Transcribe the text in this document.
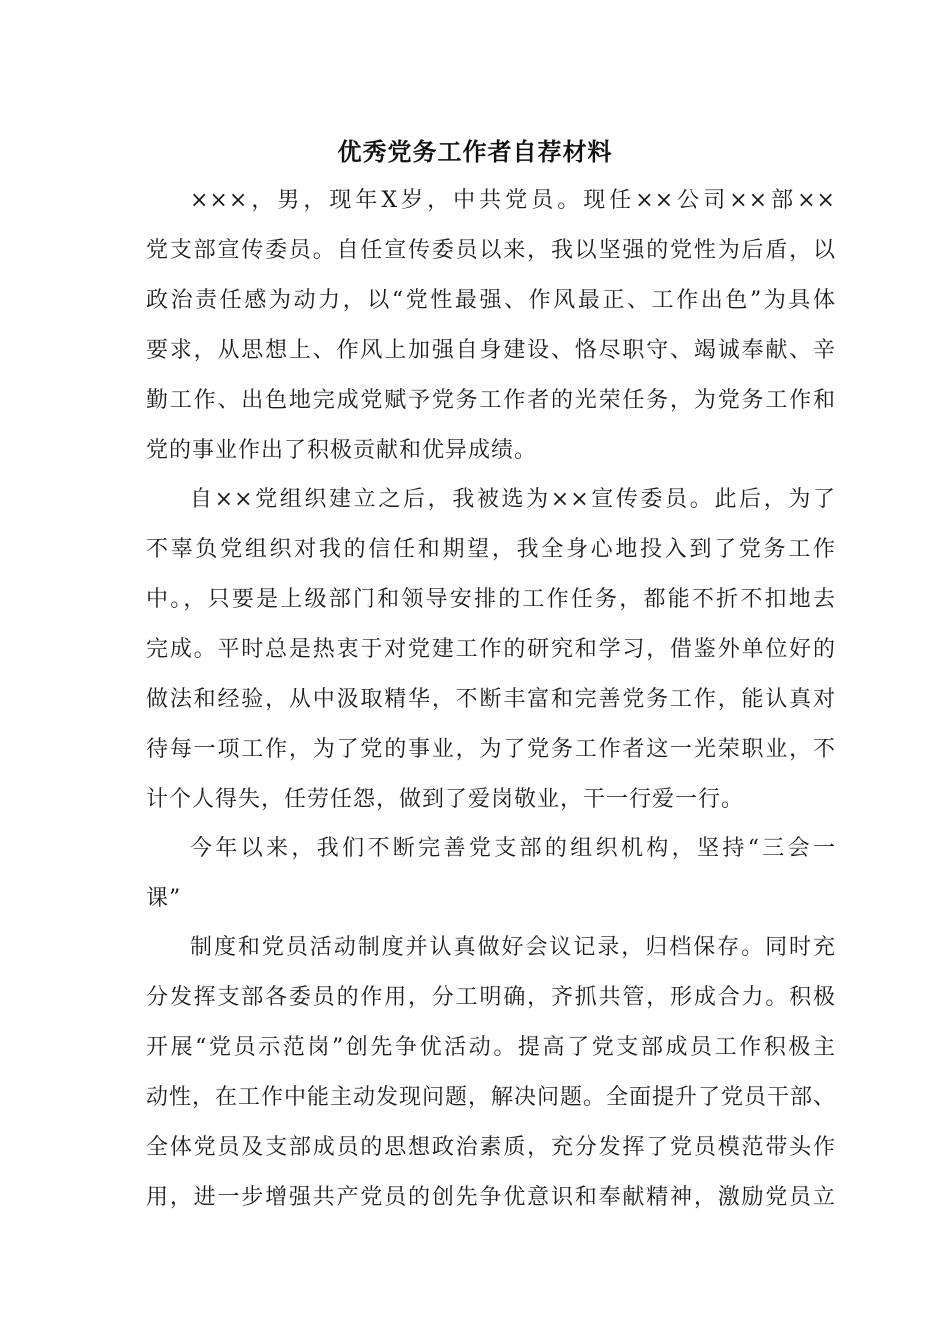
优秀党务工作者自荐材料
×××，男，现年X岁，中共党员。现任××公司××部××
党支部宣传委员。自任宣传委员以来，我以坚强的党性为后盾，以
政治责任感为动力，以“党性最强、作风最正、工作出色”为具体
要求，从思想上、作风上加强自身建设、恪尽职守、竭诚奉献、辛
勤工作、出色地完成党赋予党务工作者的光荣任务，为党务工作和
党的事业作出了积极贡献和优异成绩。
自××党组织建立之后，我被选为××宣传委员。此后，为了
不辜负党组织对我的信任和期望，我全身心地投入到了党务工作
中。，只要是上级部门和领导安排的工作任务，都能不折不扣地去
完成。平时总是热衷于对党建工作的研究和学习，借鉴外单位好的
做法和经验，从中汲取精华，不断丰富和完善党务工作，能认真对
待每一项工作，为了党的事业，为了党务工作者这一光荣职业，不
计个人得失，任劳任怨，做到了爱岗敬业，干一行爱一行。
今年以来，我们不断完善党支部的组织机构，坚持“三会一
课”
制度和党员活动制度并认真做好会议记录，归档保存。同时充
分发挥支部各委员的作用，分工明确，齐抓共管，形成合力。积极
开展“党员示范岗”创先争优活动。提高了党支部成员工作积极主
动性，在工作中能主动发现问题，解决问题。全面提升了党员干部、
全体党员及支部成员的思想政治素质，充分发挥了党员模范带头作
用，进一步增强共产党员的创先争优意识和奉献精神，激励党员立
